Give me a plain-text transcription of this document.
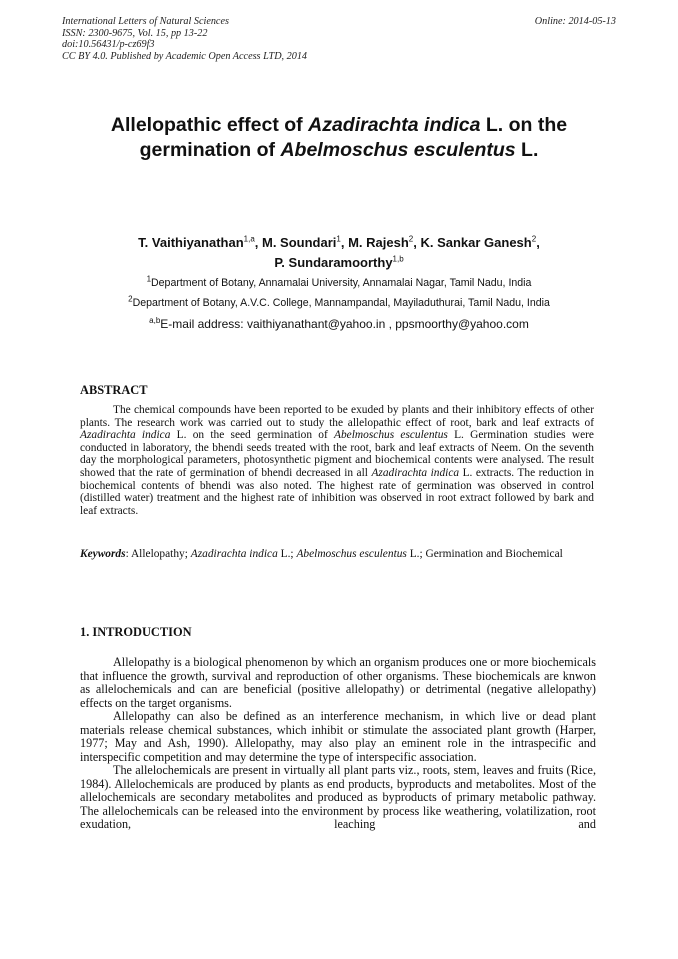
International Letters of Natural Sciences
ISSN: 2300-9675, Vol. 15, pp 13-22
doi:10.56431/p-cz69f3
CC BY 4.0. Published by Academic Open Access LTD, 2014
Online: 2014-05-13
Allelopathic effect of Azadirachta indica L. on the germination of Abelmoschus esculentus L.
T. Vaithiyanathan$^{1,a}$, M. Soundari$^1$, M. Rajesh$^2$, K. Sankar Ganesh$^2$,
P. Sundaramoorthy$^{1,b}$
$^1$Department of Botany, Annamalai University, Annamalai Nagar, Tamil Nadu, India
$^2$Department of Botany, A.V.C. College, Mannampandal, Mayiladuthurai, Tamil Nadu, India
$^{a,b}$E-mail address: vaithiyanathant@yahoo.in , ppsmoorthy@yahoo.com
ABSTRACT

The chemical compounds have been reported to be exuded by plants and their inhibitory effects of other plants. The research work was carried out to study the allelopathic effect of root, bark and leaf extracts of Azadirachta indica L. on the seed germination of Abelmoschus esculentus L. Germination studies were conducted in laboratory, the bhendi seeds treated with the root, bark and leaf extracts of Neem. On the seventh day the morphological parameters, photosynthetic pigment and biochemical contents were analysed. The result showed that the rate of germination of bhendi decreased in all Azadirachta indica L. extracts. The reduction in biochemical contents of bhendi was also noted. The highest rate of germination was observed in control (distilled water) treatment and the highest rate of inhibition was observed in root extract followed by bark and leaf extracts.

Keywords: Allelopathy; Azadirachta indica L.; Abelmoschus esculentus L.; Germination and Biochemical

1. INTRODUCTION

Allelopathy is a biological phenomenon by which an organism produces one or more biochemicals that influence the growth, survival and reproduction of other organisms. These biochemicals are knwon as allelochemicals and can are beneficial (positive allelopathy) or detrimental (negative allelopathy) effects on the target organisms.

Allelopathy can also be defined as an interference mechanism, in which live or dead plant materials release chemical substances, which inhibit or stimulate the associated plant growth (Harper, 1977; May and Ash, 1990). Allelopathy, may also play an eminent role in the intraspecific and interspecific competition and may determine the type of interspecific association.

The allelochemicals are present in virtually all plant parts viz., roots, stem, leaves and fruits (Rice, 1984). Allelochemicals are produced by plants as end products, byproducts and metabolites. Most of the allelochemicals are secondary metabolites and produced as byproducts of primary metabolic pathway. The allelochemicals can be released into the environment by process like weathering, volatilization, root exudation, leaching and
